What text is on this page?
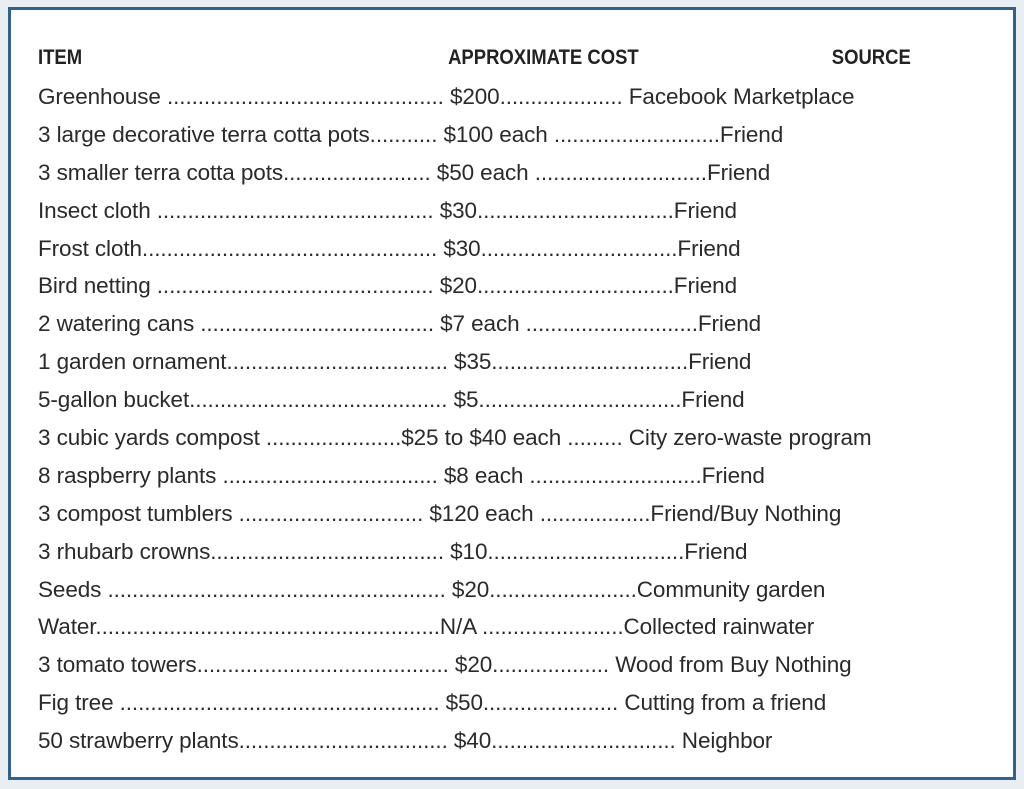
ITEM	APPROXIMATE COST	SOURCE
Greenhouse ............................................. $200.................... Facebook Marketplace
3 large decorative terra cotta pots........... $100 each ...........................Friend
3 smaller terra cotta pots........................ $50 each ............................Friend
Insect cloth ............................................. $30................................Friend
Frost cloth................................................ $30................................Friend
Bird netting ............................................. $20................................Friend
2 watering cans ...................................... $7 each ............................Friend
1 garden ornament.................................... $35................................Friend
5-gallon bucket.......................................... $5.................................Friend
3 cubic yards compost ......................$25 to $40 each ......... City zero-waste program
8 raspberry plants ................................... $8 each ............................Friend
3 compost tumblers .............................. $120 each ..................Friend/Buy Nothing
3 rhubarb crowns...................................... $10................................Friend
Seeds ....................................................... $20........................Community garden
Water........................................................N/A .......................Collected rainwater
3 tomato towers......................................... $20................... Wood from Buy Nothing
Fig tree .................................................... $50...................... Cutting from a friend
50 strawberry plants.................................. $40.............................. Neighbor
